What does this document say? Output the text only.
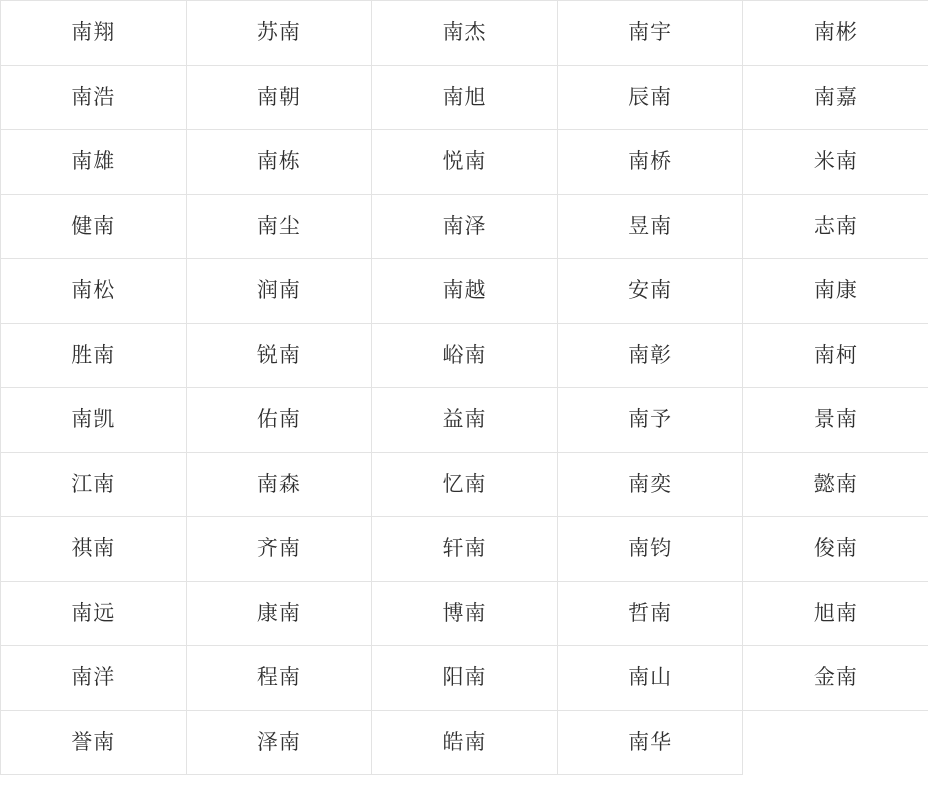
南翔	苏南	南杰	南宇	南彬
南浩	南朝	南旭	辰南	南嘉
南雄	南栋	悦南	南桥	米南
健南	南尘	南泽	昱南	志南
南松	润南	南越	安南	南康
胜南	锐南	峪南	南彰	南柯
南凯	佑南	益南	南予	景南
江南	南森	忆南	南奕	懿南
祺南	齐南	轩南	南钧	俊南
南远	康南	博南	哲南	旭南
南洋	程南	阳南	南山	金南
誉南	泽南	皓南	南华	
